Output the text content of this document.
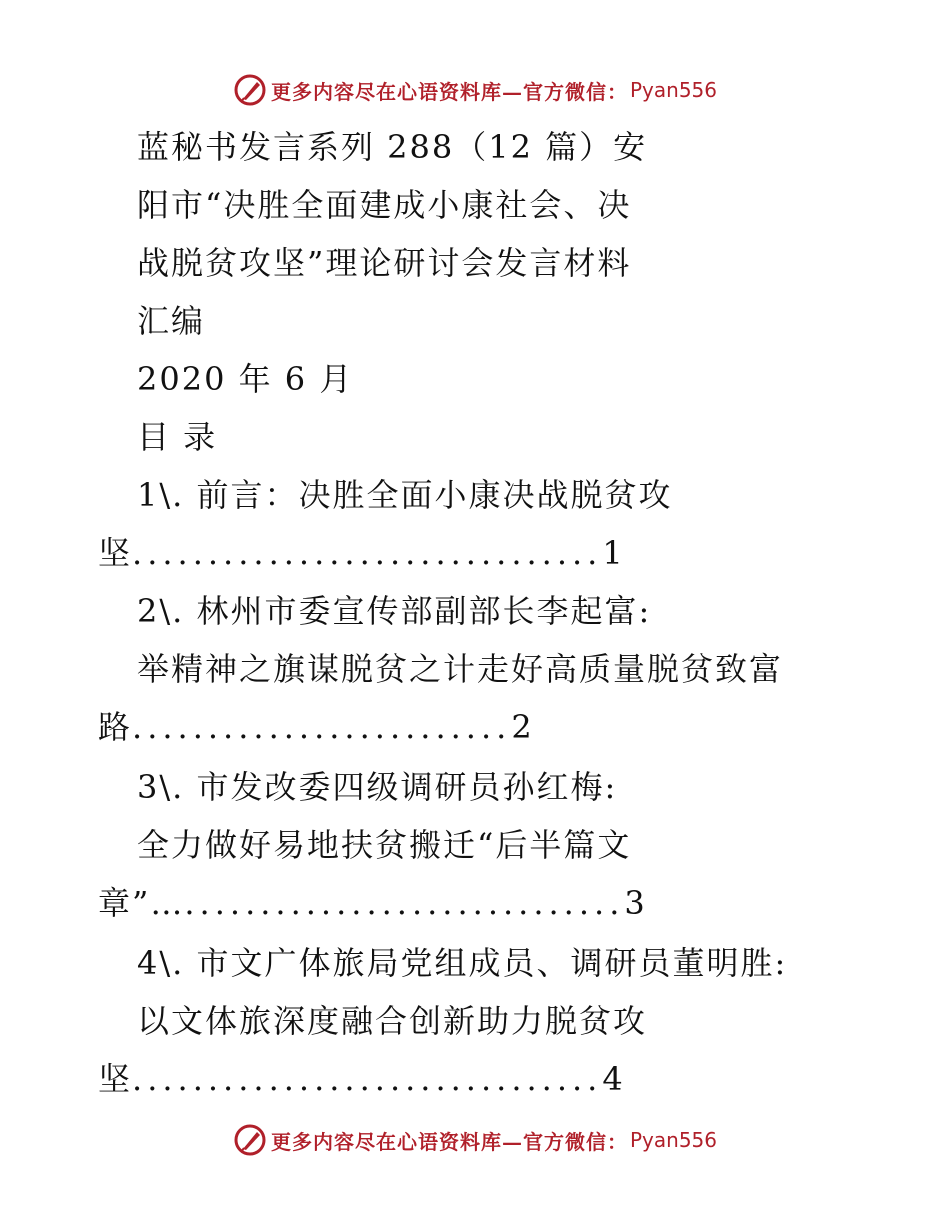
更多内容尽在心语资料库—官方微信： Pyan556
蓝秘书发言系列 288（12 篇）安
阳市“决胜全面建成小康社会、决
战脱贫攻坚”理论研讨会发言材料
汇编
2020 年 6 月
目 录
1\. 前言：决胜全面小康决战脱贫攻
坚...............................1
2\. 林州市委宣传部副部长李起富:
举精神之旗谋脱贫之计走好高质量脱贫致富
路.........................2
3\. 市发改委四级调研员孙红梅:
全力做好易地扶贫搬迁“后半篇文
章”….............................3
4\. 市文广体旅局党组成员、调研员董明胜:
以文体旅深度融合创新助力脱贫攻
坚...............................4
更多内容尽在心语资料库—官方微信： Pyan556
